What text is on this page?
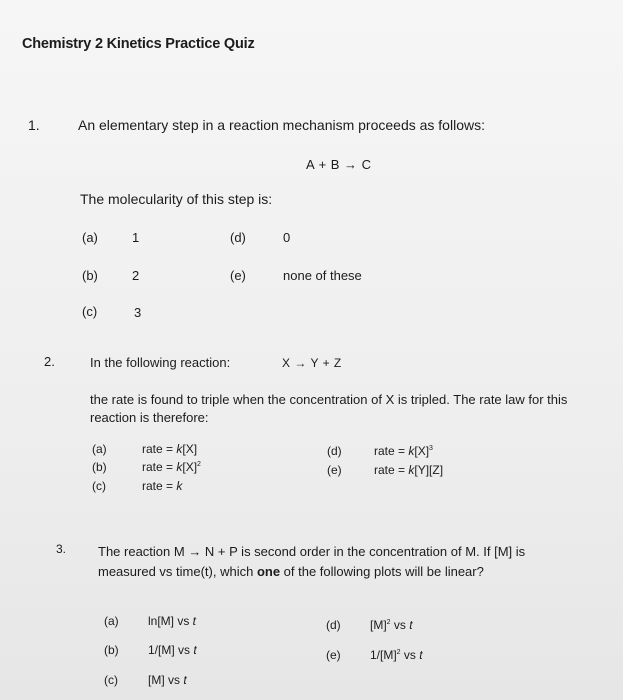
Chemistry 2 Kinetics Practice Quiz
1.	An elementary step in a reaction mechanism proceeds as follows:
A + B → C
The molecularity of this step is:
(a)	1	(d)	0
(b)	2	(e)	none of these
(c)	3
2.	In the following reaction:	X → Y + Z
the rate is found to triple when the concentration of X is tripled. The rate law for this
reaction is therefore:
(a)	rate = k[X]
(b)	rate = $k[X]^2$
(c)	rate = k
(d)	rate = $k[X]^3$
(e)	rate = k[Y][Z]
3. The reaction M → N + P is second order in the concentration of M. If [M] is
measured vs time(t), which one of the following plots will be linear?
(a) ln[M] vs t
(b) 1/[M] vs t
(c)	[M] vs t
(d) $[M]^2$ vs t
(e) $1/[M]^2$ vs t
